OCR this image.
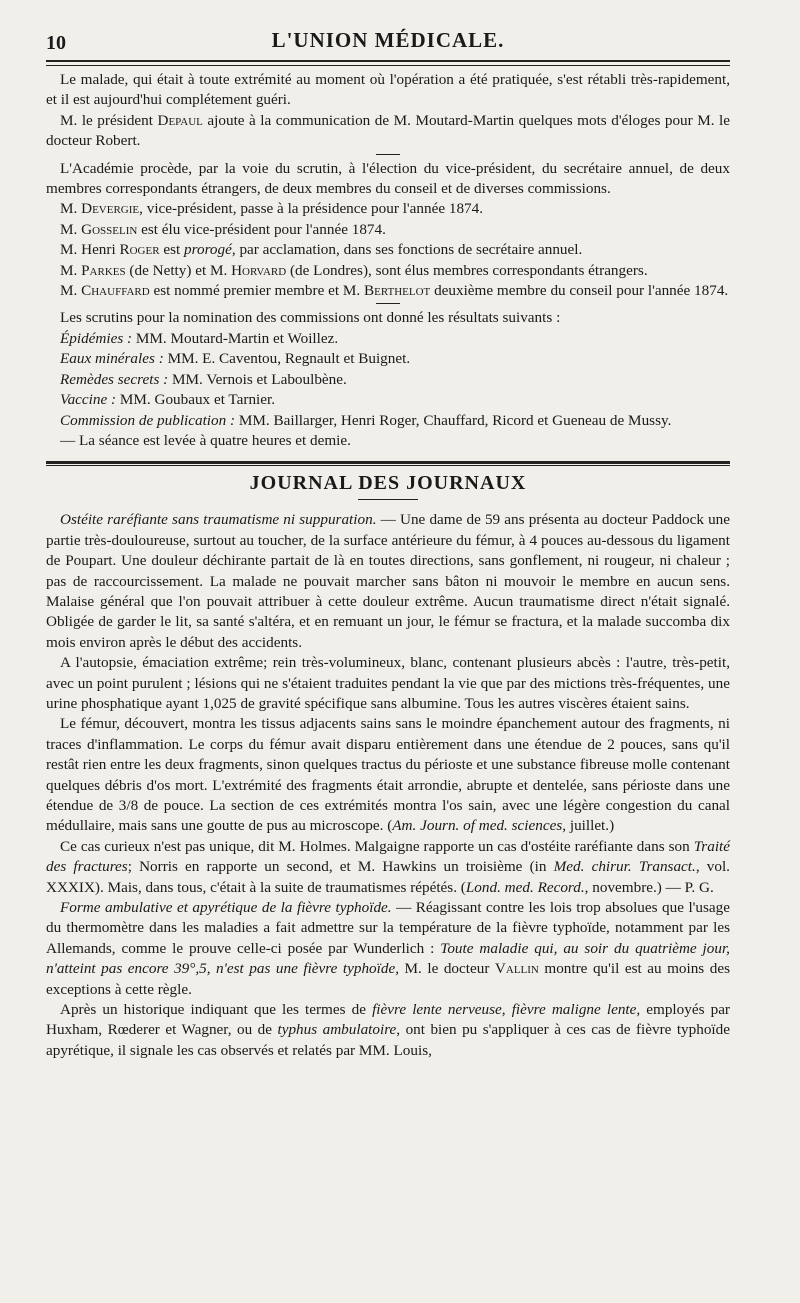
10	L'UNION MÉDICALE.

Le malade, qui était à toute extrémité au moment où l'opération a été pratiquée, s'est rétabli très-rapidement, et il est aujourd'hui complétement guéri.

M. le président Depaul ajoute à la communication de M. Moutard-Martin quelques mots d'éloges pour M. le docteur Robert.

L'Académie procède, par la voie du scrutin, à l'élection du vice-président, du secrétaire annuel, de deux membres correspondants étrangers, de deux membres du conseil et de diverses commissions.

M. Devergie, vice-président, passe à la présidence pour l'année 1874.

M. Gosselin est élu vice-président pour l'année 1874.

M. Henri Roger est prorogé, par acclamation, dans ses fonctions de secrétaire annuel.

M. Parkes (de Netty) et M. Horvard (de Londres), sont élus membres correspondants étrangers.

M. Chauffard est nommé premier membre et M. Berthelot deuxième membre du conseil pour l'année 1874.

Les scrutins pour la nomination des commissions ont donné les résultats suivants :

Épidémies : MM. Moutard-Martin et Woillez.

Eaux minérales : MM. E. Caventou, Regnault et Buignet.

Remèdes secrets : MM. Vernois et Laboulbène.

Vaccine : MM. Goubaux et Tarnier.

Commission de publication : MM. Baillarger, Henri Roger, Chauffard, Ricord et Gueneau de Mussy.

— La séance est levée à quatre heures et demie.

JOURNAL DES JOURNAUX

Ostéite raréfiante sans traumatisme ni suppuration. — Une dame de 59 ans présenta au docteur Paddock une partie très-douloureuse, surtout au toucher, de la surface antérieure du fémur, à 4 pouces au-dessous du ligament de Poupart. Une douleur déchirante partait de là en toutes directions, sans gonflement, ni rougeur, ni chaleur ; pas de raccourcissement. La malade ne pouvait marcher sans bâton ni mouvoir le membre en aucun sens. Malaise général que l'on pouvait attribuer à cette douleur extrême. Aucun traumatisme direct n'était signalé. Obligée de garder le lit, sa santé s'altéra, et en remuant un jour, le fémur se fractura, et la malade succomba dix mois environ après le début des accidents.

A l'autopsie, émaciation extrême; rein très-volumineux, blanc, contenant plusieurs abcès : l'autre, très-petit, avec un point purulent ; lésions qui ne s'étaient traduites pendant la vie que par des mictions très-fréquentes, une urine phosphatique ayant 1,025 de gravité spécifique sans albumine. Tous les autres viscères étaient sains.

Le fémur, découvert, montra les tissus adjacents sains sans le moindre épanchement autour des fragments, ni traces d'inflammation. Le corps du fémur avait disparu entièrement dans une étendue de 2 pouces, sans qu'il restât rien entre les deux fragments, sinon quelques tractus du périoste et une substance fibreuse molle contenant quelques débris d'os mort. L'extrémité des fragments était arrondie, abrupte et dentelée, sans périoste dans une étendue de 3/8 de pouce. La section de ces extrémités montra l'os sain, avec une légère congestion du canal médullaire, mais sans une goutte de pus au microscope. (Am. Journ. of med. sciences, juillet.)

Ce cas curieux n'est pas unique, dit M. Holmes. Malgaigne rapporte un cas d'ostéite raréfiante dans son Traité des fractures; Norris en rapporte un second, et M. Hawkins un troisième (in Med. chirur. Transact., vol. XXXIX). Mais, dans tous, c'était à la suite de traumatismes répétés. (Lond. med. Record., novembre.) — P. G.

Forme ambulative et apyrétique de la fièvre typhoïde. — Réagissant contre les lois trop absolues que l'usage du thermomètre dans les maladies a fait admettre sur la température de la fièvre typhoïde, notamment par les Allemands, comme le prouve celle-ci posée par Wunderlich : Toute maladie qui, au soir du quatrième jour, n'atteint pas encore 39°,5, n'est pas une fièvre typhoïde, M. le docteur Vallin montre qu'il est au moins des exceptions à cette règle.

Après un historique indiquant que les termes de fièvre lente nerveuse, fièvre maligne lente, employés par Huxham, Rœderer et Wagner, ou de typhus ambulatoire, ont bien pu s'appliquer à ces cas de fièvre typhoïde apyrétique, il signale les cas observés et relatés par MM. Louis,
